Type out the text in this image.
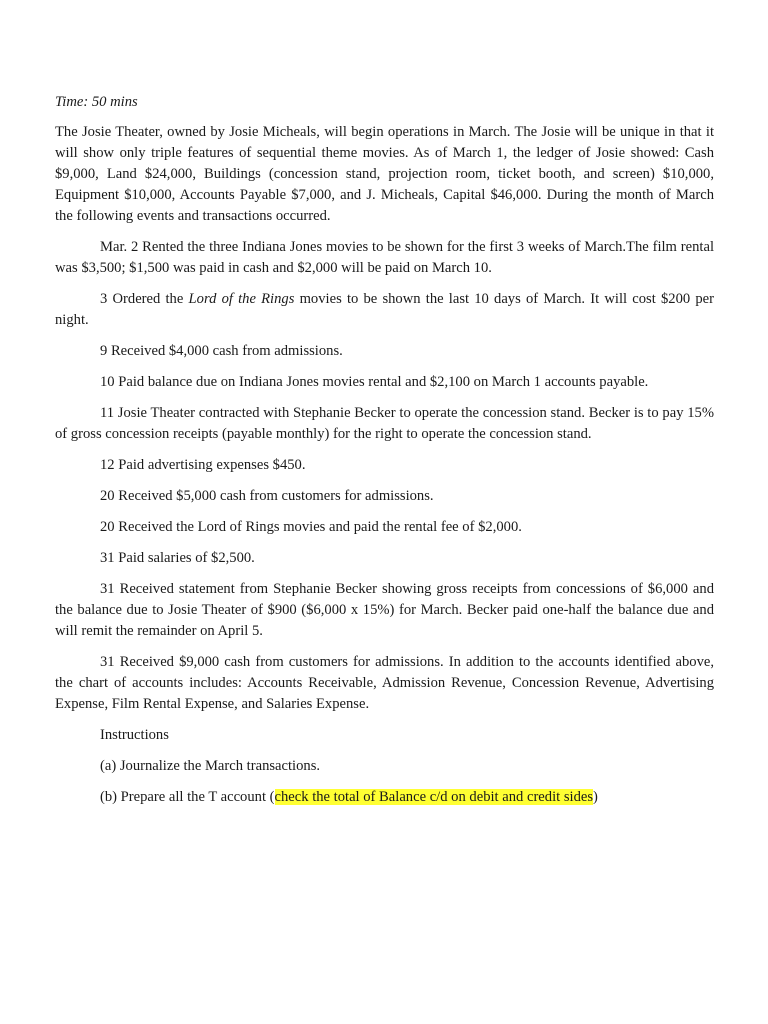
Time: 50 mins

The Josie Theater, owned by Josie Micheals, will begin operations in March. The Josie will be unique in that it will show only triple features of sequential theme movies. As of March 1, the ledger of Josie showed: Cash $9,000, Land $24,000, Buildings (concession stand, projection room, ticket booth, and screen) $10,000, Equipment $10,000, Accounts Payable $7,000, and J. Micheals, Capital $46,000. During the month of March the following events and transactions occurred.

Mar. 2 Rented the three Indiana Jones movies to be shown for the first 3 weeks of March.The film rental was $3,500; $1,500 was paid in cash and $2,000 will be paid on March 10.

3 Ordered the Lord of the Rings movies to be shown the last 10 days of March. It will cost $200 per night.

9 Received $4,000 cash from admissions.

10 Paid balance due on Indiana Jones movies rental and $2,100 on March 1 accounts payable.

11 Josie Theater contracted with Stephanie Becker to operate the concession stand. Becker is to pay 15% of gross concession receipts (payable monthly) for the right to operate the concession stand.

12 Paid advertising expenses $450.

20 Received $5,000 cash from customers for admissions.

20 Received the Lord of Rings movies and paid the rental fee of $2,000.

31 Paid salaries of $2,500.

31 Received statement from Stephanie Becker showing gross receipts from concessions of $6,000 and the balance due to Josie Theater of $900 ($6,000 x 15%) for March. Becker paid one-half the balance due and will remit the remainder on April 5.

31 Received $9,000 cash from customers for admissions. In addition to the accounts identified above, the chart of accounts includes: Accounts Receivable, Admission Revenue, Concession Revenue, Advertising Expense, Film Rental Expense, and Salaries Expense.

Instructions

(a) Journalize the March transactions.

(b) Prepare all the T account (check the total of Balance c/d on debit and credit sides)
